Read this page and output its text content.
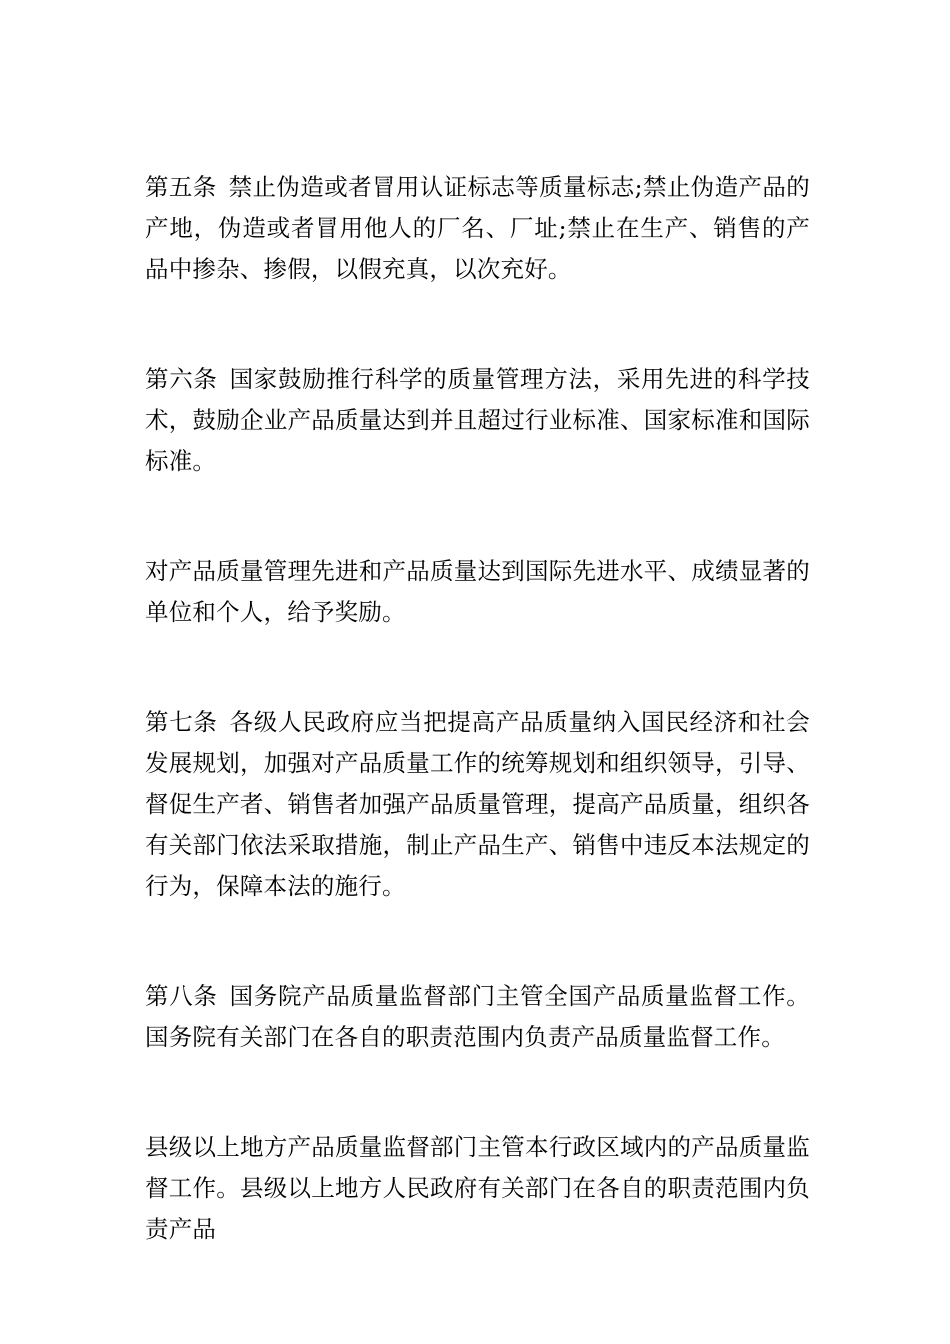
第五条 禁止伪造或者冒用认证标志等质量标志;禁止伪造产品的产地，伪造或者冒用他人的厂名、厂址;禁止在生产、销售的产品中掺杂、掺假，以假充真，以次充好。

第六条 国家鼓励推行科学的质量管理方法，采用先进的科学技术，鼓励企业产品质量达到并且超过行业标准、国家标准和国际标准。

对产品质量管理先进和产品质量达到国际先进水平、成绩显著的单位和个人，给予奖励。

第七条 各级人民政府应当把提高产品质量纳入国民经济和社会发展规划，加强对产品质量工作的统筹规划和组织领导，引导、督促生产者、销售者加强产品质量管理，提高产品质量，组织各有关部门依法采取措施，制止产品生产、销售中违反本法规定的行为，保障本法的施行。

第八条 国务院产品质量监督部门主管全国产品质量监督工作。国务院有关部门在各自的职责范围内负责产品质量监督工作。

县级以上地方产品质量监督部门主管本行政区域内的产品质量监督工作。县级以上地方人民政府有关部门在各自的职责范围内负责产品
